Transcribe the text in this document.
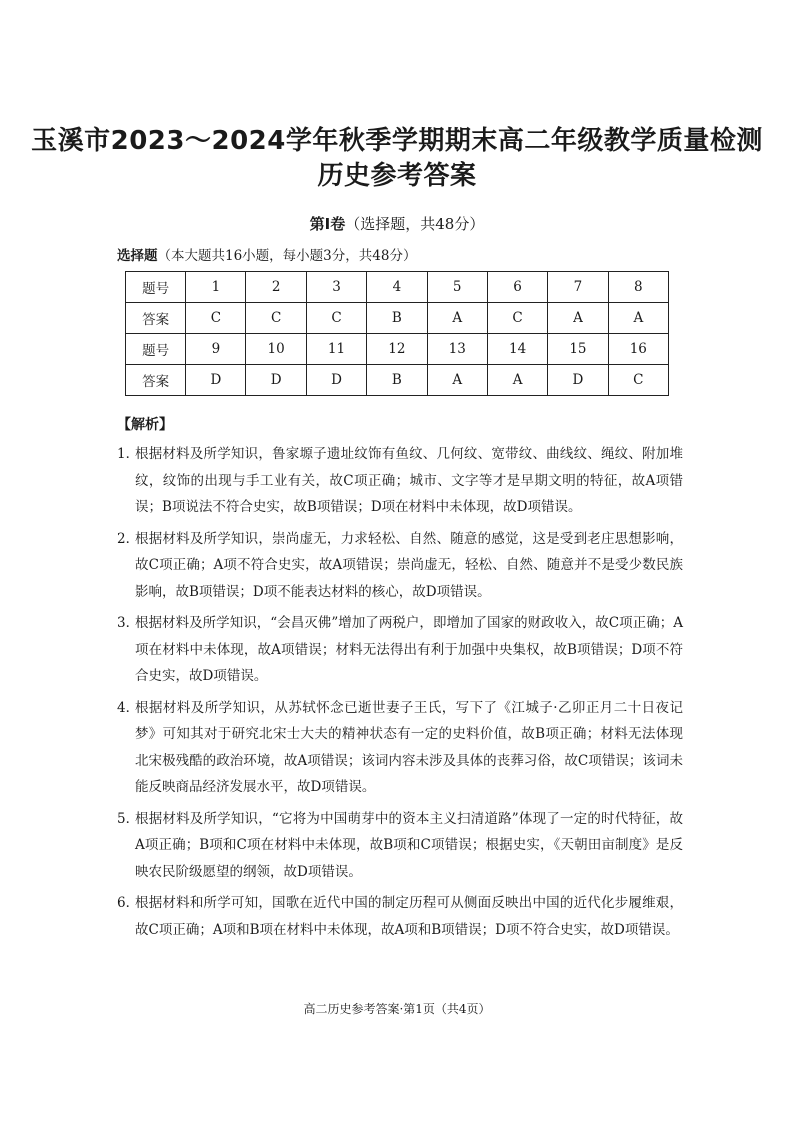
玉溪市2023～2024学年秋季学期期末高二年级教学质量检测
历史参考答案
第Ⅰ卷（选择题，共48分）
选择题（本大题共16小题，每小题3分，共48分）
题号	1	2	3	4	5	6	7	8
答案	C	C	C	B	A	C	A	A
题号	9	10	11	12	13	14	15	16
答案	D	D	D	B	A	A	D	C
【解析】
1．
根据材料及所学知识，鲁家塬子遗址纹饰有鱼纹、几何纹、宽带纹、曲线纹、绳纹、附加堆纹，纹饰的出现与手工业有关，故C项正确；城市、文字等才是早期文明的特征，故A项错误；B项说法不符合史实，故B项错误；D项在材料中未体现，故D项错误。
2．
根据材料及所学知识，崇尚虚无，力求轻松、自然、随意的感觉，这是受到老庄思想影响，故C项正确；A项不符合史实，故A项错误；崇尚虚无，轻松、自然、随意并不是受少数民族影响，故B项错误；D项不能表达材料的核心，故D项错误。
3．
根据材料及所学知识，“会昌灭佛”增加了两税户，即增加了国家的财政收入，故C项正确；A项在材料中未体现，故A项错误；材料无法得出有利于加强中央集权，故B项错误；D项不符合史实，故D项错误。
4．
根据材料及所学知识，从苏轼怀念已逝世妻子王氏，写下了《江城子·乙卯正月二十日夜记梦》可知其对于研究北宋士大夫的精神状态有一定的史料价值，故B项正确；材料无法体现北宋极残酷的政治环境，故A项错误；该词内容未涉及具体的丧葬习俗，故C项错误；该词未能反映商品经济发展水平，故D项错误。
5．
根据材料及所学知识，“它将为中国萌芽中的资本主义扫清道路”体现了一定的时代特征，故A项正确；B项和C项在材料中未体现，故B项和C项错误；根据史实，《天朝田亩制度》是反映农民阶级愿望的纲领，故D项错误。
6．
根据材料和所学可知，国歌在近代中国的制定历程可从侧面反映出中国的近代化步履维艰，故C项正确；A项和B项在材料中未体现，故A项和B项错误；D项不符合史实，故D项错误。
高二历史参考答案·第1页（共4页）
